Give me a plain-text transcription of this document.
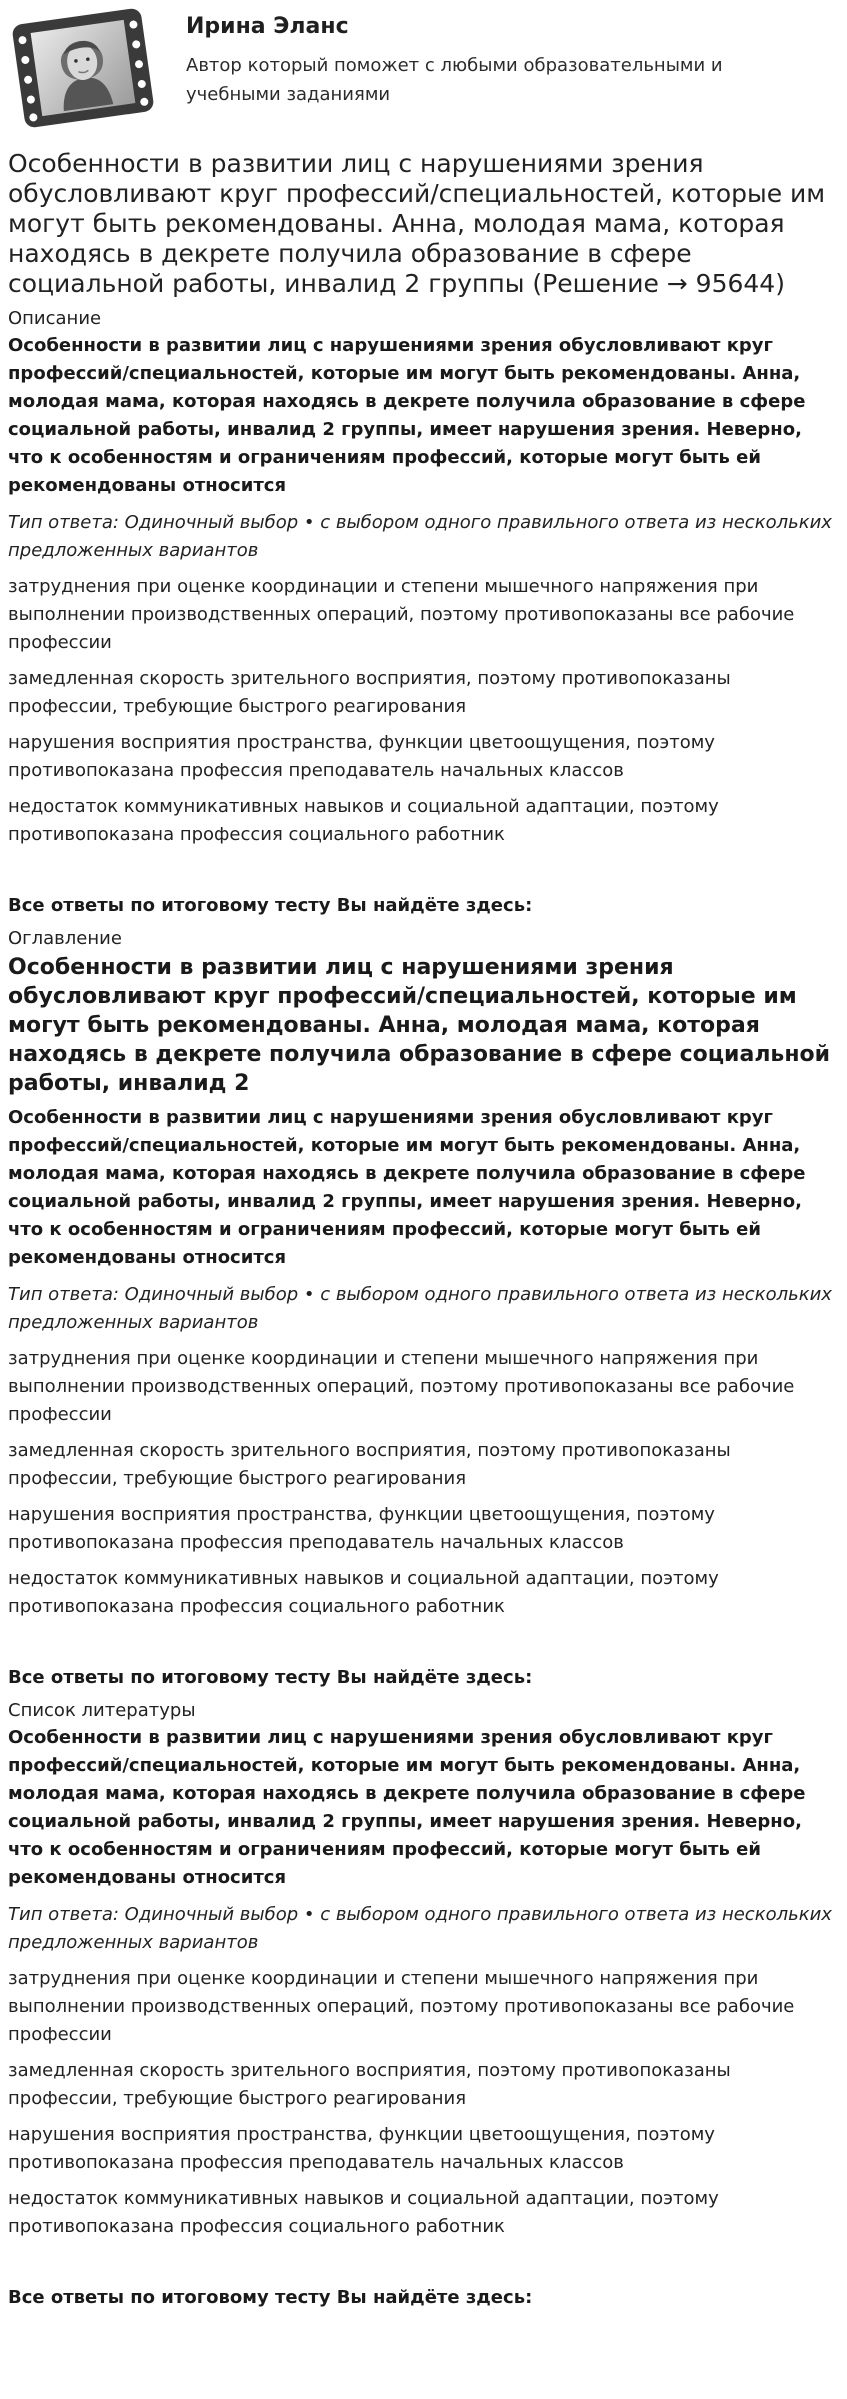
Ирина Эланс
Автор который поможет с любыми образовательными и учебными заданиями
Особенности в развитии лиц с нарушениями зрения обусловливают круг профессий/специальностей, которые им могут быть рекомендованы. Анна, молодая мама, которая находясь в декрете получила образование в сфере социальной работы, инвалид 2 группы (Решение → 95644)
Описание
Особенности в развитии лиц с нарушениями зрения обусловливают круг профессий/специальностей, которые им могут быть рекомендованы. Анна, молодая мама, которая находясь в декрете получила образование в сфере социальной работы, инвалид 2 группы, имеет нарушения зрения. Неверно, что к особенностям и ограничениям профессий, которые могут быть ей рекомендованы относится
Тип ответа: Одиночный выбор • с выбором одного правильного ответа из нескольких предложенных вариантов
затруднения при оценке координации и степени мышечного напряжения при выполнении производственных операций, поэтому противопоказаны все рабочие профессии
замедленная скорость зрительного восприятия, поэтому противопоказаны профессии, требующие быстрого реагирования
нарушения восприятия пространства, функции цветоощущения, поэтому противопоказана профессия преподаватель начальных классов
недостаток коммуникативных навыков и социальной адаптации, поэтому противопоказана профессия социального работник
Все ответы по итоговому тесту Вы найдёте здесь:
Оглавление
Особенности в развитии лиц с нарушениями зрения обусловливают круг профессий/специальностей, которые им могут быть рекомендованы. Анна, молодая мама, которая находясь в декрете получила образование в сфере социальной работы, инвалид 2
Особенности в развитии лиц с нарушениями зрения обусловливают круг профессий/специальностей, которые им могут быть рекомендованы. Анна, молодая мама, которая находясь в декрете получила образование в сфере социальной работы, инвалид 2 группы, имеет нарушения зрения. Неверно, что к особенностям и ограничениям профессий, которые могут быть ей рекомендованы относится
Тип ответа: Одиночный выбор • с выбором одного правильного ответа из нескольких предложенных вариантов
затруднения при оценке координации и степени мышечного напряжения при выполнении производственных операций, поэтому противопоказаны все рабочие профессии
замедленная скорость зрительного восприятия, поэтому противопоказаны профессии, требующие быстрого реагирования
нарушения восприятия пространства, функции цветоощущения, поэтому противопоказана профессия преподаватель начальных классов
недостаток коммуникативных навыков и социальной адаптации, поэтому противопоказана профессия социального работник
Все ответы по итоговому тесту Вы найдёте здесь:
Список литературы
Особенности в развитии лиц с нарушениями зрения обусловливают круг профессий/специальностей, которые им могут быть рекомендованы. Анна, молодая мама, которая находясь в декрете получила образование в сфере социальной работы, инвалид 2 группы, имеет нарушения зрения. Неверно, что к особенностям и ограничениям профессий, которые могут быть ей рекомендованы относится
Тип ответа: Одиночный выбор • с выбором одного правильного ответа из нескольких предложенных вариантов
затруднения при оценке координации и степени мышечного напряжения при выполнении производственных операций, поэтому противопоказаны все рабочие профессии
замедленная скорость зрительного восприятия, поэтому противопоказаны профессии, требующие быстрого реагирования
нарушения восприятия пространства, функции цветоощущения, поэтому противопоказана профессия преподаватель начальных классов
недостаток коммуникативных навыков и социальной адаптации, поэтому противопоказана профессия социального работник
Все ответы по итоговому тесту Вы найдёте здесь:
